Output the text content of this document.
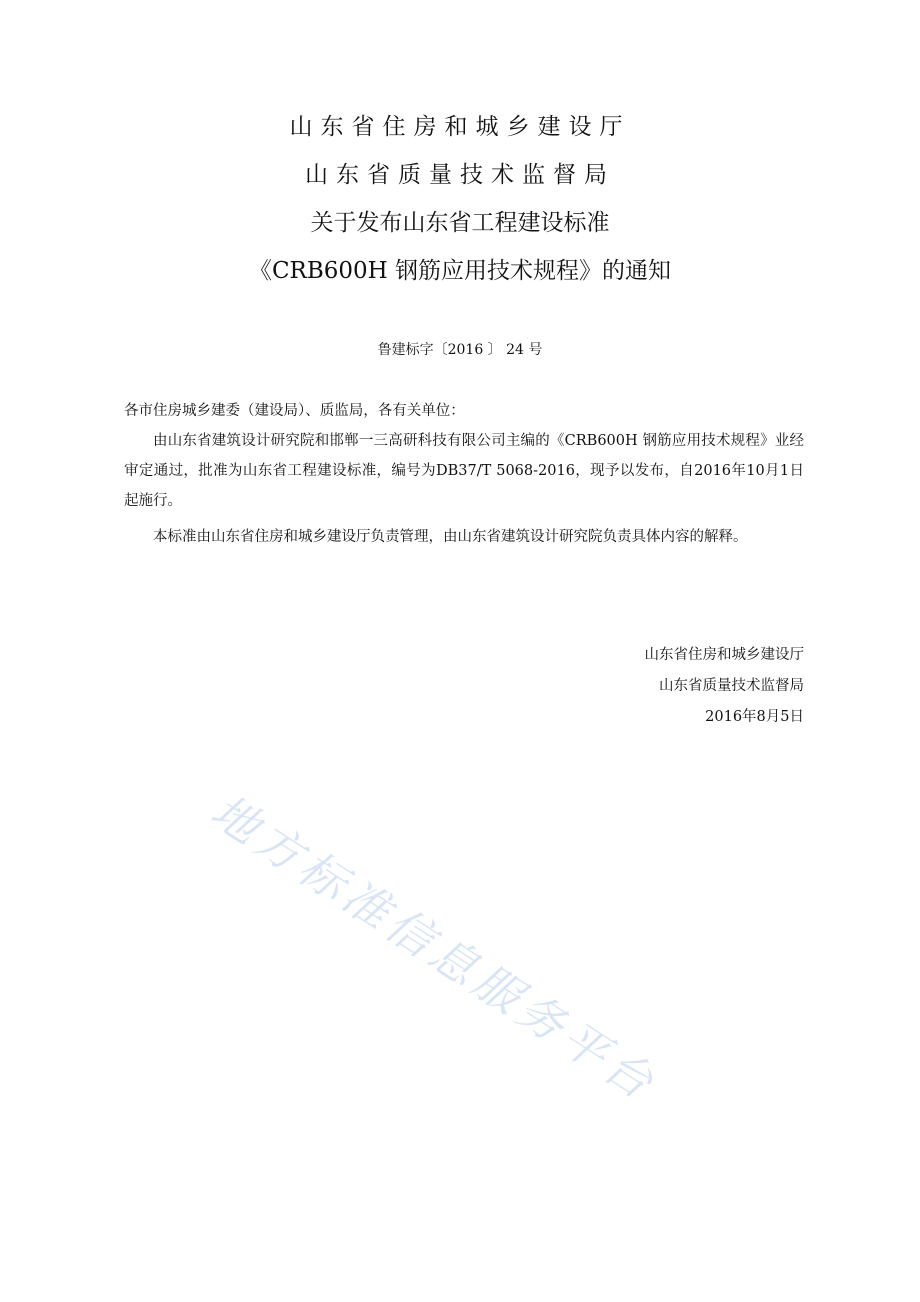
山东省住房和城乡建设厅
山东省质量技术监督局
关于发布山东省工程建设标准
《CRB600H 钢筋应用技术规程》的通知
鲁建标字〔2016 〕 24 号
各市住房城乡建委（建设局）、质监局，各有关单位：
由山东省建筑设计研究院和邯郸一三高研科技有限公司主编的《CRB600H 钢筋应用技术规程》业经审定通过，批准为山东省工程建设标准，编号为DB37/T 5068-2016，现予以发布，自2016年10月1日起施行。
本标准由山东省住房和城乡建设厅负责管理，由山东省建筑设计研究院负责具体内容的解释。
山东省住房和城乡建设厅
山东省质量技术监督局
2016年8月5日
地方标准信息服务平台
